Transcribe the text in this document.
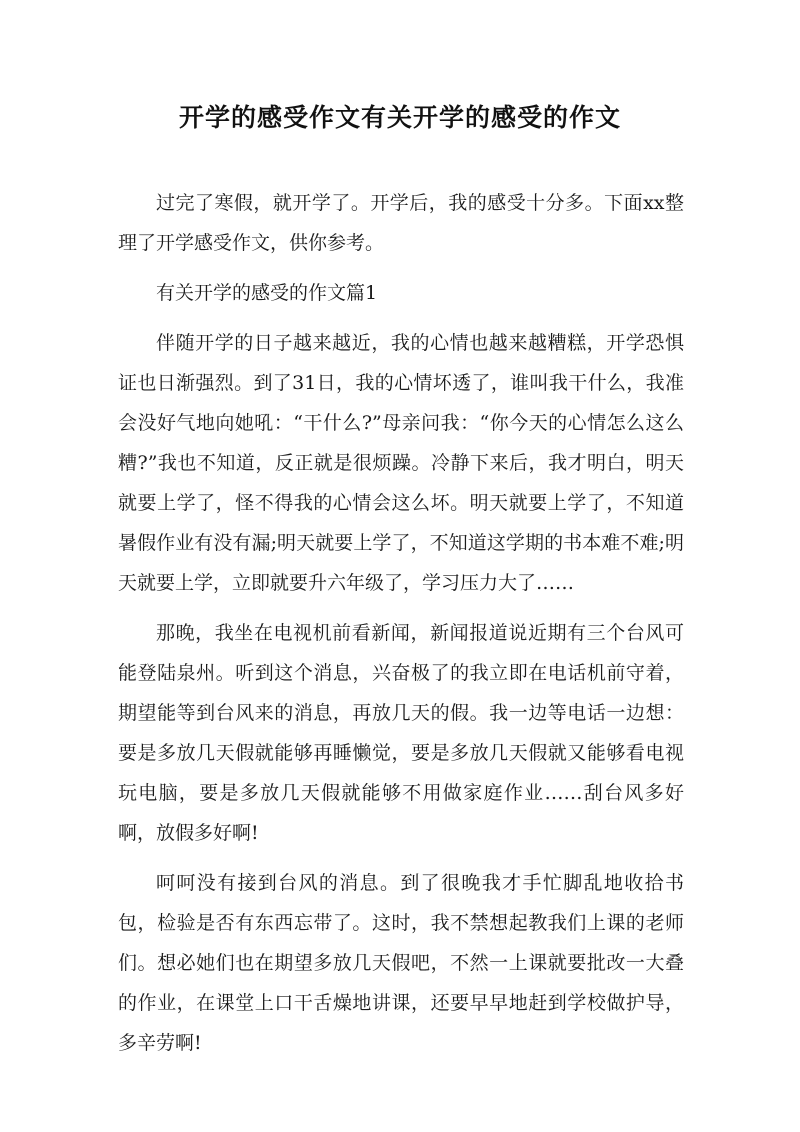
开学的感受作文有关开学的感受的作文

过完了寒假，就开学了。开学后，我的感受十分多。下面xx整理了开学感受作文，供你参考。

有关开学的感受的作文篇1

伴随开学的日子越来越近，我的心情也越来越糟糕，开学恐惧证也日渐强烈。到了31日，我的心情坏透了，谁叫我干什么，我准会没好气地向她吼：“干什么?”母亲问我：“你今天的心情怎么这么糟?”我也不知道，反正就是很烦躁。冷静下来后，我才明白，明天就要上学了，怪不得我的心情会这么坏。明天就要上学了，不知道暑假作业有没有漏;明天就要上学了，不知道这学期的书本难不难;明天就要上学，立即就要升六年级了，学习压力大了……

那晚，我坐在电视机前看新闻，新闻报道说近期有三个台风可能登陆泉州。听到这个消息，兴奋极了的我立即在电话机前守着，期望能等到台风来的消息，再放几天的假。我一边等电话一边想：要是多放几天假就能够再睡懒觉，要是多放几天假就又能够看电视玩电脑，要是多放几天假就能够不用做家庭作业……刮台风多好啊，放假多好啊!

呵呵没有接到台风的消息。到了很晚我才手忙脚乱地收拾书包，检验是否有东西忘带了。这时，我不禁想起教我们上课的老师们。想必她们也在期望多放几天假吧，不然一上课就要批改一大叠的作业，在课堂上口干舌燥地讲课，还要早早地赶到学校做护导，多辛劳啊!
